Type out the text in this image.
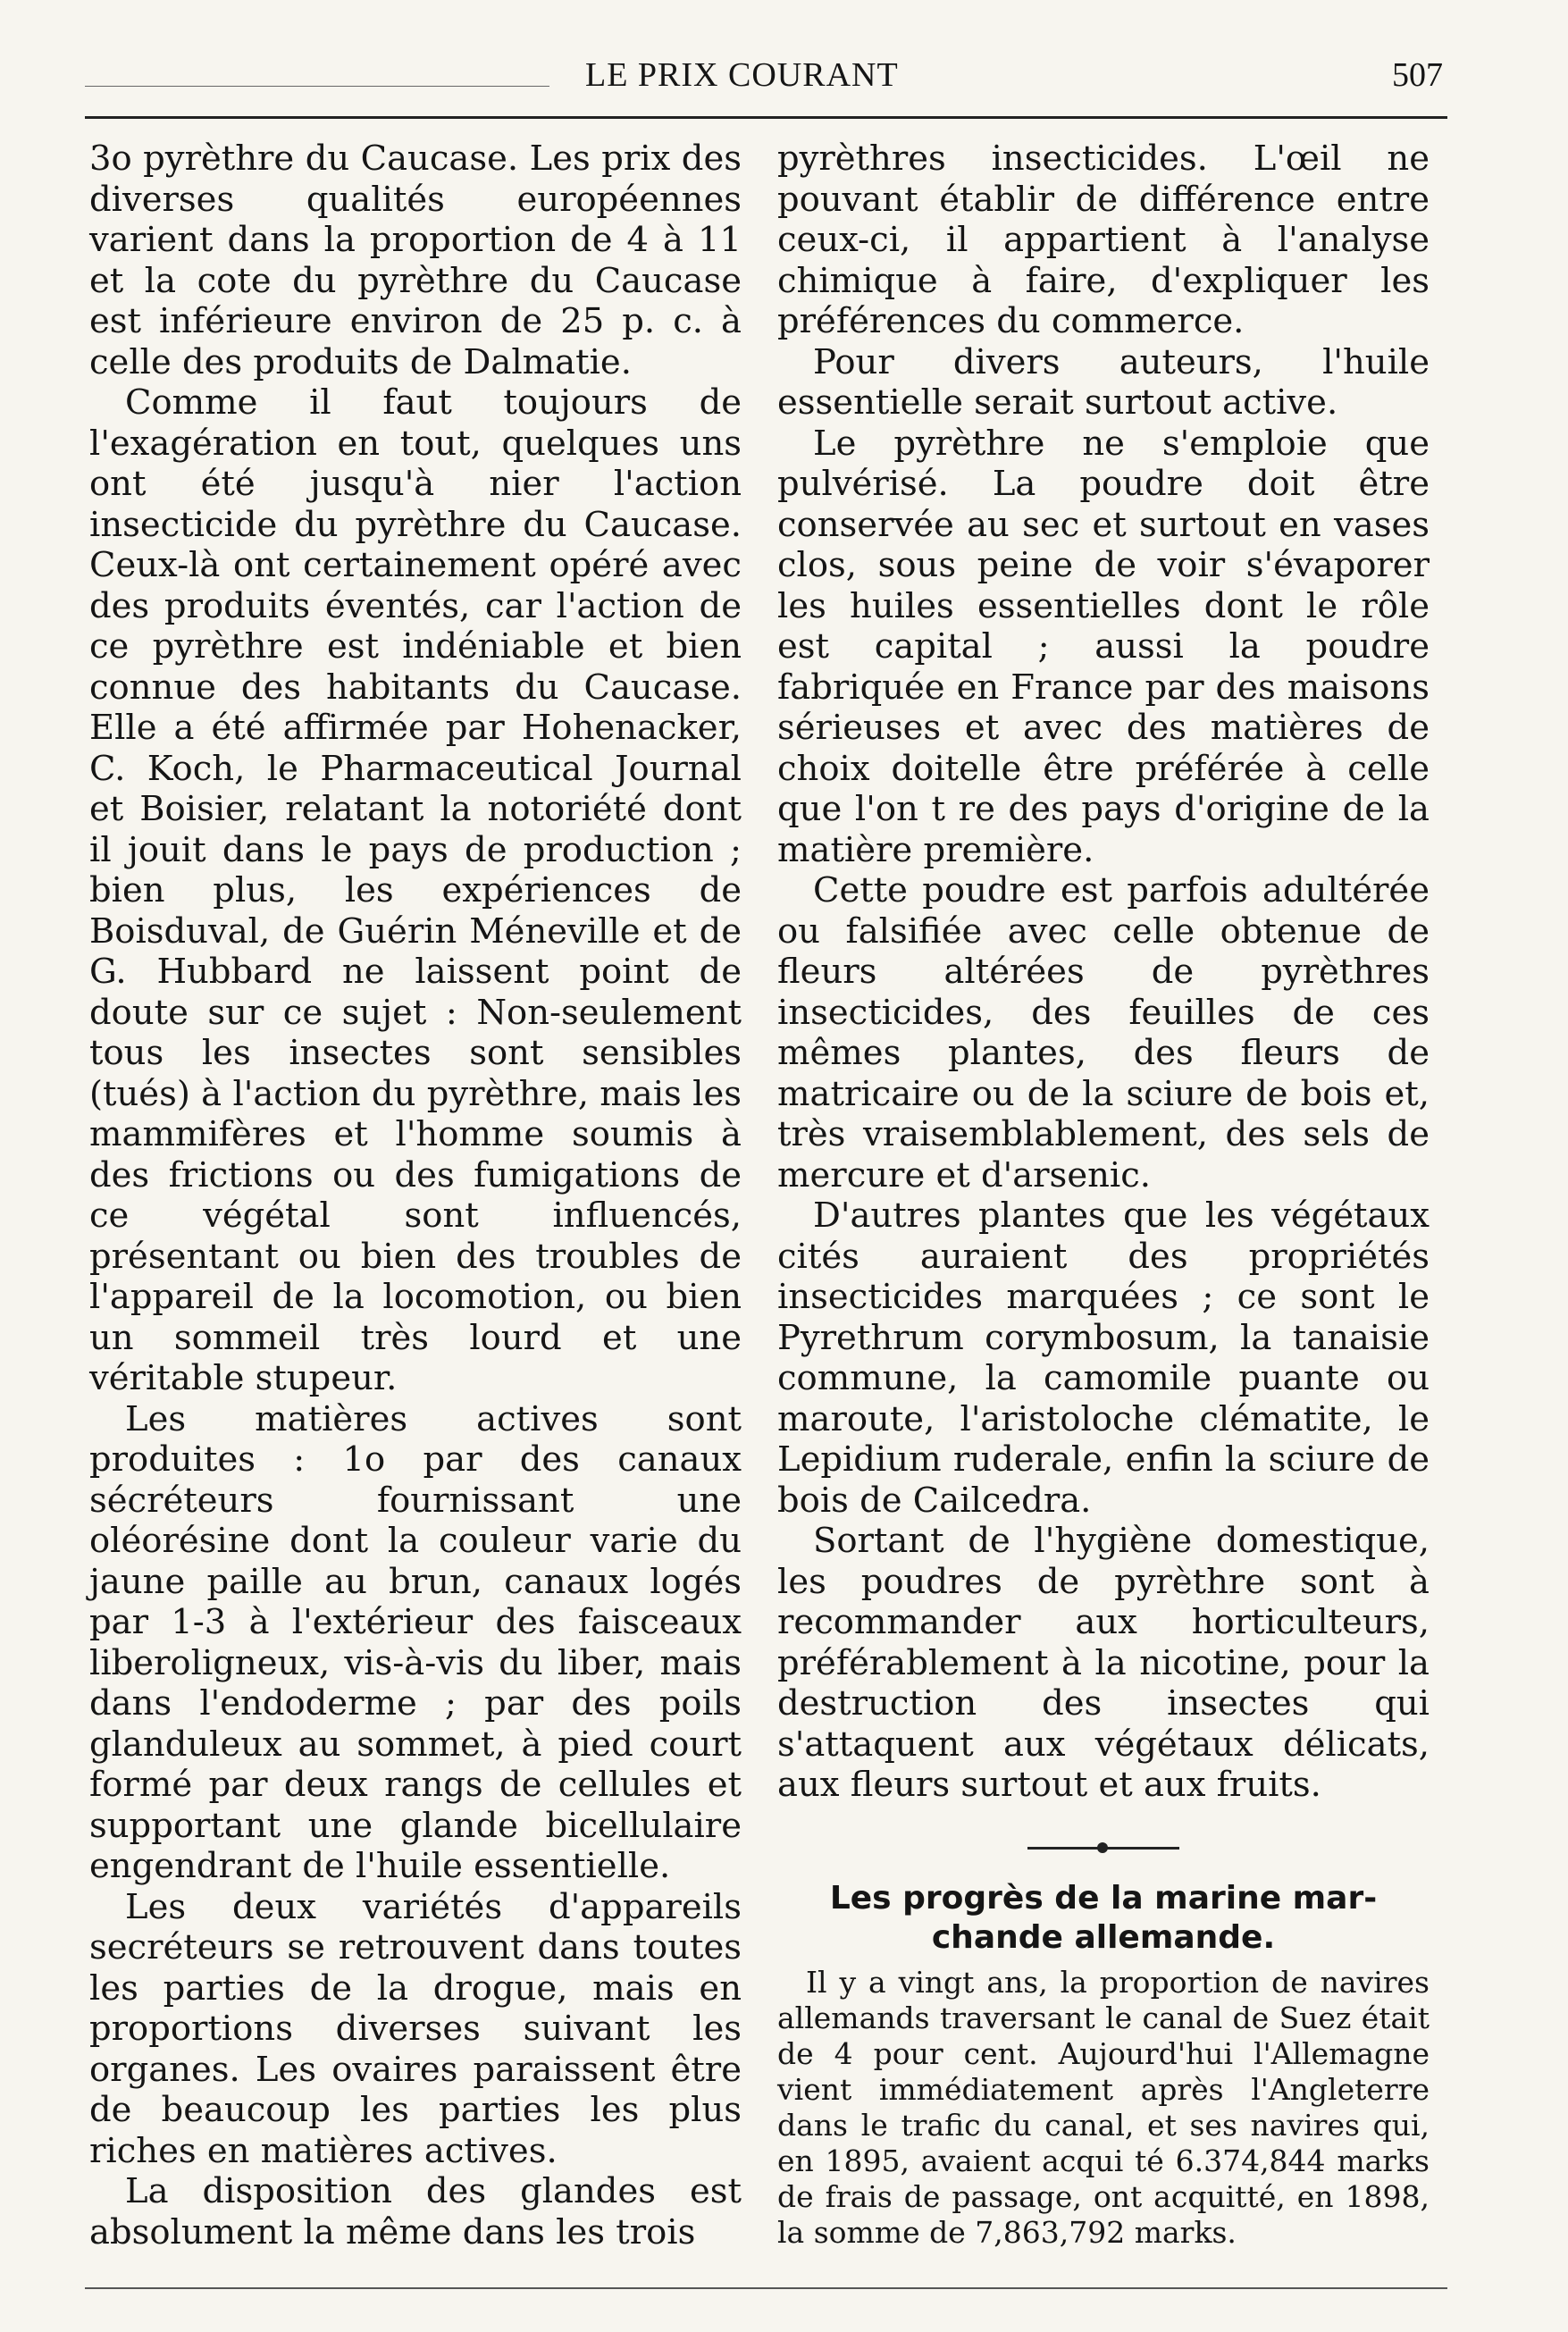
LE PRIX COURANT	507

3o pyrèthre du Caucase. Les prix des diverses qualités européennes varient dans la proportion de 4 à 11 et la cote du pyrèthre du Caucase est inférieure environ de 25 p. c. à celle des produits de Dalmatie.

Comme il faut toujours de l'exagération en tout, quelques uns ont été jusqu'à nier l'action insecticide du pyrèthre du Caucase. Ceux-là ont certainement opéré avec des produits éventés, car l'action de ce pyrèthre est indéniable et bien connue des habitants du Caucase. Elle a été affirmée par Hohenacker, C. Koch, le Pharmaceutical Journal et Boisier, relatant la notoriété dont il jouit dans le pays de production ; bien plus, les expériences de Boisduval, de Guérin Méneville et de G. Hubbard ne laissent point de doute sur ce sujet : Non-seulement tous les insectes sont sensibles (tués) à l'action du pyrèthre, mais les mammifères et l'homme soumis à des frictions ou des fumigations de ce végétal sont influencés, présentant ou bien des troubles de l'appareil de la locomotion, ou bien un sommeil très lourd et une véritable stupeur.

Les matières actives sont produites : 1o par des canaux sécréteurs fournissant une oléorésine dont la couleur varie du jaune paille au brun, canaux logés par 1-3 à l'extérieur des faisceaux liberoligneux, vis-à-vis du liber, mais dans l'endoderme ; par des poils glanduleux au sommet, à pied court formé par deux rangs de cellules et supportant une glande bicellulaire engendrant de l'huile essentielle.

Les deux variétés d'appareils secréteurs se retrouvent dans toutes les parties de la drogue, mais en proportions diverses suivant les organes. Les ovaires paraissent être de beaucoup les parties les plus riches en matières actives.

La disposition des glandes est absolument la même dans les trois

pyrèthres insecticides. L'œil ne pouvant établir de différence entre ceux-ci, il appartient à l'analyse chimique à faire, d'expliquer les préférences du commerce.

Pour divers auteurs, l'huile essentielle serait surtout active.

Le pyrèthre ne s'emploie que pulvérisé. La poudre doit être conservée au sec et surtout en vases clos, sous peine de voir s'évaporer les huiles essentielles dont le rôle est capital ; aussi la poudre fabriquée en France par des maisons sérieuses et avec des matières de choix doitelle être préférée à celle que l'on t re des pays d'origine de la matière première.

Cette poudre est parfois adultérée ou falsifiée avec celle obtenue de fleurs altérées de pyrèthres insecticides, des feuilles de ces mêmes plantes, des fleurs de matricaire ou de la sciure de bois et, très vraisemblablement, des sels de mercure et d'arsenic.

D'autres plantes que les végétaux cités auraient des propriétés insecticides marquées ; ce sont le Pyrethrum corymbosum, la tanaisie commune, la camomile puante ou maroute, l'aristoloche clématite, le Lepidium ruderale, enfin la sciure de bois de Cailcedra.

Sortant de l'hygiène domestique, les poudres de pyrèthre sont à recommander aux horticulteurs, préférablement à la nicotine, pour la destruction des insectes qui s'attaquent aux végétaux délicats, aux fleurs surtout et aux fruits.

Les progrès de la marine mar-
chande allemande.

Il y a vingt ans, la proportion de navires allemands traversant le canal de Suez était de 4 pour cent. Aujourd'hui l'Allemagne vient immédiatement après l'Angleterre dans le trafic du canal, et ses navires qui, en 1895, avaient acqui té 6.374,844 marks de frais de passage, ont acquitté, en 1898, la somme de 7,863,792 marks.
